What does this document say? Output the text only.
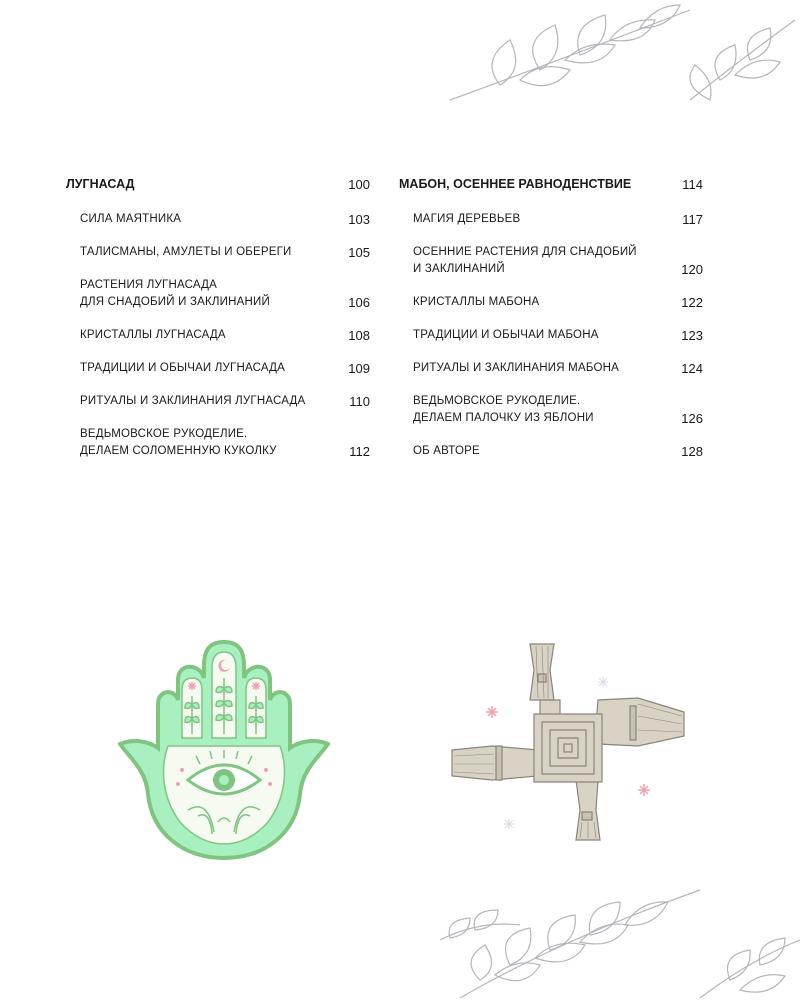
ЛУГНАСАД	100
СИЛА МАЯТНИКА	103
ТАЛИСМАНЫ, АМУЛЕТЫ И ОБЕРЕГИ	105
РАСТЕНИЯ ЛУГНАСАДА
ДЛЯ СНАДОБИЙ И ЗАКЛИНАНИЙ	106
КРИСТАЛЛЫ ЛУГНАСАДА	108
ТРАДИЦИИ И ОБЫЧАИ ЛУГНАСАДА	109
РИТУАЛЫ И ЗАКЛИНАНИЯ ЛУГНАСАДА	110
ВЕДЬМОВСКОЕ РУКОДЕЛИЕ.
ДЕЛАЕМ СОЛОМЕННУЮ КУКОЛКУ	112
МАБОН, ОСЕННЕЕ РАВНОДЕНСТВИЕ	114
МАГИЯ ДЕРЕВЬЕВ	117
ОСЕННИЕ РАСТЕНИЯ ДЛЯ СНАДОБИЙ
И ЗАКЛИНАНИЙ	120
КРИСТАЛЛЫ МАБОНА	122
ТРАДИЦИИ И ОБЫЧАИ МАБОНА	123
РИТУАЛЫ И ЗАКЛИНАНИЯ МАБОНА	124
ВЕДЬМОВСКОЕ РУКОДЕЛИЕ.
ДЕЛАЕМ ПАЛОЧКУ ИЗ ЯБЛОНИ	126
ОБ АВТОРЕ	128
